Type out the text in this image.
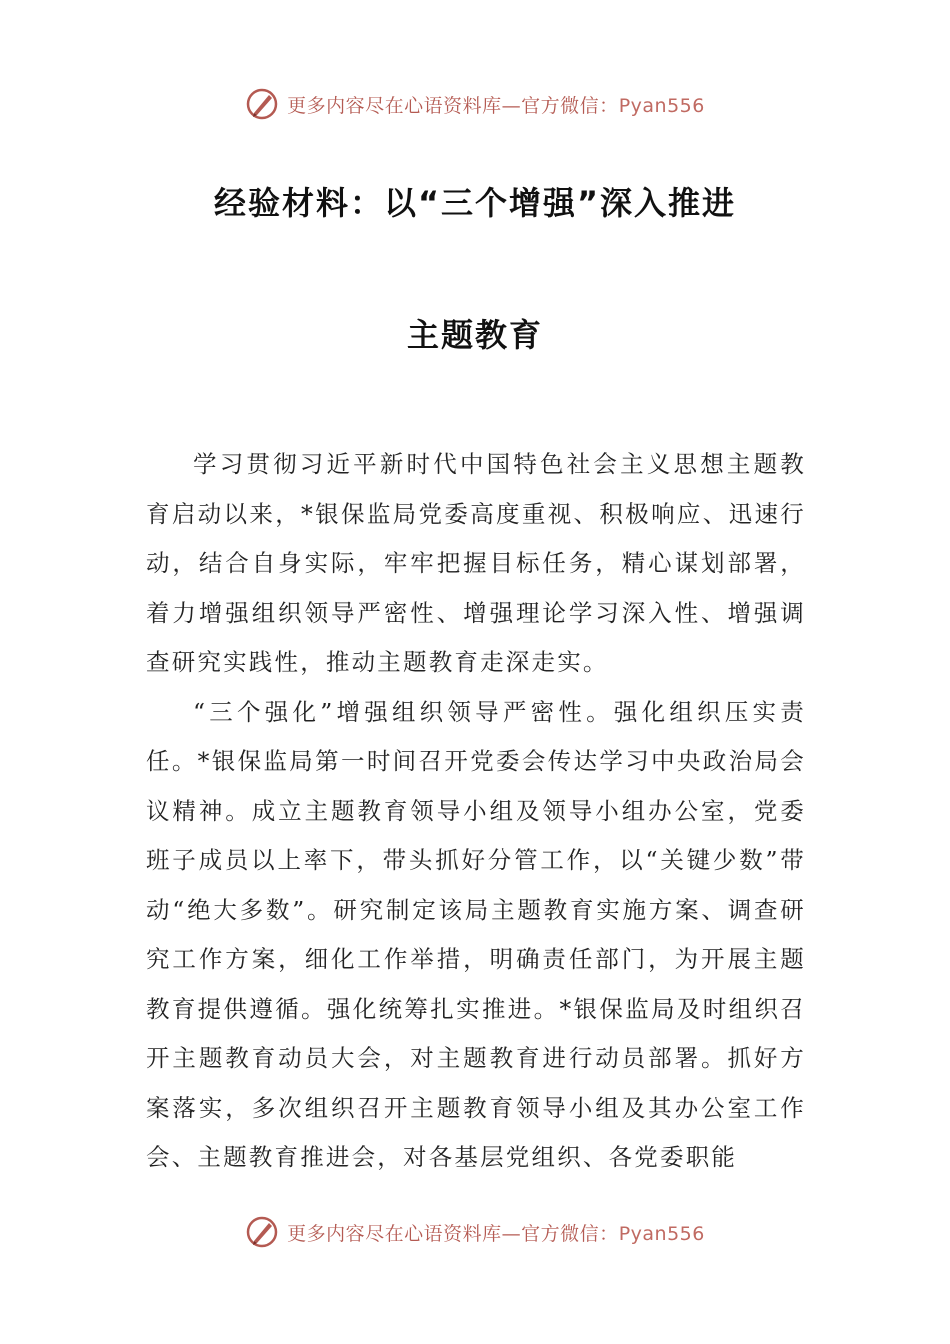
更多内容尽在心语资料库—官方微信：Pyan556
经验材料：以“三个增强”深入推进
主题教育

学习贯彻习近平新时代中国特色社会主义思想主题教育启动以来，*银保监局党委高度重视、积极响应、迅速行动，结合自身实际，牢牢把握目标任务，精心谋划部署，着力增强组织领导严密性、增强理论学习深入性、增强调查研究实践性，推动主题教育走深走实。

“三个强化”增强组织领导严密性。强化组织压实责任。*银保监局第一时间召开党委会传达学习中央政治局会议精神。成立主题教育领导小组及领导小组办公室，党委班子成员以上率下，带头抓好分管工作，以“关键少数”带动“绝大多数”。研究制定该局主题教育实施方案、调查研究工作方案，细化工作举措，明确责任部门，为开展主题教育提供遵循。强化统筹扎实推进。*银保监局及时组织召开主题教育动员大会，对主题教育进行动员部署。抓好方案落实，多次组织召开主题教育领导小组及其办公室工作会、主题教育推进会，对各基层党组织、各党委职能

更多内容尽在心语资料库—官方微信：Pyan556
